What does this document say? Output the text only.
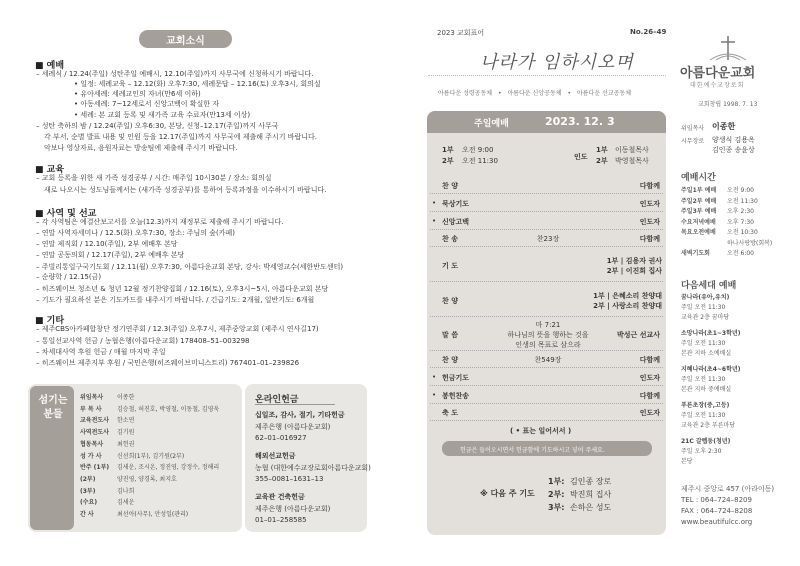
교회소식
■ 예배
– 세례식 / 12.24(주일) 성탄주일 예배시, 12.10(주일)까지 사무국에 신청하시기 바랍니다.
• 일정: 세례교육 – 12.12(화) 오후7:30, 세례문답 – 12.16(토) 오후3시, 회의실
• 유아세례: 세례교인의 자녀(만6세 이하)
• 아동세례: 7~12세로서 신앙고백이 확실한 자
• 세례: 본 교회 등록 및 새가족 교육 수료자(만13세 이상)
– 성탄 축하의 밤 / 12.24(주일) 오후6:30, 본당, 신청–12.17(주일)까지 사무국
각 부서, 순별 발표 내용 및 인원 등을 12.17(주일)까지 사무국에 제출해 주시기 바랍니다.
악보나 영상자료, 음원자료는 방송팀에 제출해 주시기 바랍니다.
■ 교육
– 교회 등록을 위한 새 가족 성경공부 / 시간: 매주일 10시30분 / 장소: 회의실
새로 나오시는 성도님들께서는 (새가족 성경공부)를 통하여 등록과정을 이수하시기 바랍니다.
■ 사역 및 선교
– 각 사역팀은 예결산보고서를 오늘(12.3)까지 재정부로 제출해 주시기 바랍니다.
– 연말 사역자세미나 / 12.5(화) 오후7:30, 장소: 주님의 숲(카페)
– 연말 제직회 / 12.10(주일), 2부 예배후 본당
– 연말 공동의회 / 12.17(주일), 2부 예배후 본당
– 주빌리통일구국기도회 / 12.11(월) 오후7:30, 아름다운교회 본당, 강사: 박세영교수(세한반도센터)
– 순량학 / 12.15(금)
– 히즈웨이브 청소년 & 청년 12월 정기찬양집회 / 12.16(토), 오후3시~5시, 아름다운교회 본당
– 기도가 필요하신 분은 기도카드를 내주시기 바랍니다. / 긴급기도: 2개월, 일반기도: 6개월
■ 기타
– 제주CBS아카페합창단 정기연주회 / 12.3(주일) 오후7시, 제주중앙교회 (제주시 연사길17)
– 통일선교사역 헌금 / 농협은행(아름다운교회) 178408–51–003298
– 차세대사역 후원 헌금 / 매월 마지막 주일
– 히즈웨이브 제주지부 후원 / 국민은행(히즈웨이브미니스트리) 767401–01–239826
섬기는 분들
위임목사 이종한
부 목 사	김승철, 허진호, 박영철, 이동철, 김영욱
교육전도사 한소연
사역전도사 김기원
협동목사 최헌권
성 가 사	신선희(1부), 김기원(2부)
반주 (1부) 김세운, 조시온, 정진영, 강정수, 정해리
(2부)	양진영, 양경록, 최지호
(3부)	김나희
(수요)	김세운
간 사	최선아(사무), 안성일(관리)
온라인헌금
십일조, 감사, 절기, 기타헌금
제주은행 (아름다운교회)
62–01–016927
해외선교헌금
농협 (대한예수교장로회아름다운교회)
355–0081–1631–13
교육관 건축헌금
제주은행 (아름다운교회)
01–01–258585
2023 교회표어	No.26–49
나라가 임하시오며
아름다운 성령공동체 • 아름다운 신앙공동체 • 아름다운 선교공동체
주일예배	2023. 12. 3
1부 오전 9:00	1부 이동철목사
2부 오전 11:30	2부 박영철목사
인도
찬 양	다함께
• 묵상기도	인도자
• 신앙고백	인도자
찬 송	찬23장	다함께
기 도
1부 | 김용자 권사
2부 | 이진희 집사
찬 양
1부 | 은혜소리 찬양대
2부 | 사랑소리 찬양대
말 씀
마 7:21
하나님의 뜻을 행하는 것을
인생의 목표로 삼으라
박성근 선교사
찬 양	찬549장	다함께
• 헌금기도	인도자
• 봉헌찬송	다함께
축 도	인도자
( • 표는 일어서서 )
헌금은 들어오시면서 헌금함에 기도하시고 넣어 주세요.
※ 다음 주 기도
1부: 김인종 장로
2부: 박진희 집사
3부: 손하은 성도
아름다운교회
대한예수교장로회
교회창립 1998. 7. 13
위임목사 이종한
시무장로 양생식 김용옥
김인종 송윤상
예배시간
주일1부 예배 오전 9:00
주일2부 예배 오전 11:30
주일3부 예배 오후 2:30
수요저녁예배 오후 7:30
목요오전예배 오전 10:30
하나사랑방(회복)
새벽기도회	오전 6:00
다음세대 예배
꿈나라(유아,유치)
주일 오전 11:30
교육관 2층 꿈마당
소망나라(초1~3학년)
주일 오전 11:30
본관 지하 소예배실
지혜나라(초4~6학년)
주일 오전 11:30
본관 지하 중예배실
푸른초장(중,고등)
주일 오전 11:30
교육관 2층 푸른마당
21C 갈렙동(청년)
주일 오후 2:30
본당
제주시 중앙로 457 (아라이동)
TEL : 064–724–8209
FAX : 064–724–8208
www.beautifulcc.org
